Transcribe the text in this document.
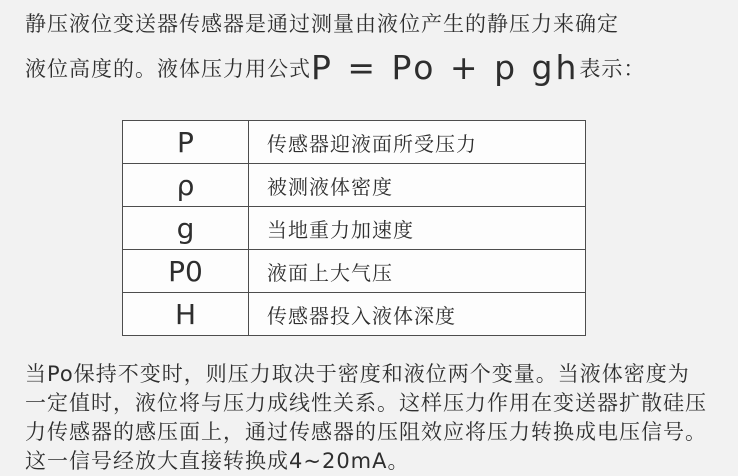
静压液位变送器传感器是通过测量由液位产生的静压力来确定
液位高度的。液体压力用公式P = Po + p gh表示：

P	传感器迎液面所受压力
ρ	被测液体密度
g	当地重力加速度
P0	液面上大气压
H	传感器投入液体深度

当Po保持不变时，则压力取决于密度和液位两个变量。当液体密度为
一定值时，液位将与压力成线性关系。这样压力作用在变送器扩散硅压
力传感器的感压面上，通过传感器的压阻效应将压力转换成电压信号。
这一信号经放大直接转换成4~20mA。
